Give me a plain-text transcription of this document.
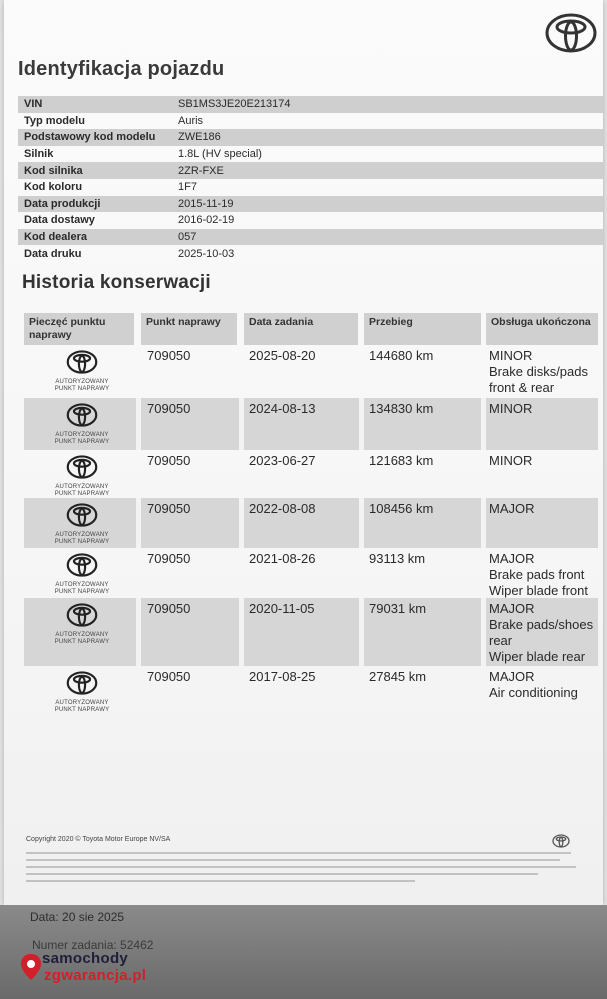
Identyfikacja pojazdu
VIN	SB1MS3JE20E213174
Typ modelu	Auris
Podstawowy kod modelu	ZWE186
Silnik	1.8L (HV special)
Kod silnika	2ZR-FXE
Kod koloru	1F7
Data produkcji	2015-11-19
Data dostawy	2016-02-19
Kod dealera	057
Data druku	2025-10-03
Historia konserwacji
Pieczęć punktu naprawy
Punkt naprawy	Data zadania	Przebieg	Obsługa ukończona
AUTORYZOWANY
PUNKT NAPRAWY
709050	2025-08-20	144680 km	MINOR
Brake disks/pads
front & rear
AUTORYZOWANY
PUNKT NAPRAWY
709050	2024-08-13	134830 km	MINOR
AUTORYZOWANY
PUNKT NAPRAWY
709050	2023-06-27	121683 km	MINOR
AUTORYZOWANY
PUNKT NAPRAWY
709050	2022-08-08	108456 km	MAJOR
AUTORYZOWANY
PUNKT NAPRAWY
709050	2021-08-26	93113 km	MAJOR
Brake pads front
Wiper blade front
AUTORYZOWANY
PUNKT NAPRAWY
709050	2020-11-05	79031 km	MAJOR
Brake pads/shoes
rear
Wiper blade rear
AUTORYZOWANY
PUNKT NAPRAWY
709050	2017-08-25	27845 km	MAJOR
Air conditioning
Copyright 2020 © Toyota Motor Europe NV/SA
Data: 20 sie 2025
Numer zadania: 52462
samochody
zgwarancja.pl
